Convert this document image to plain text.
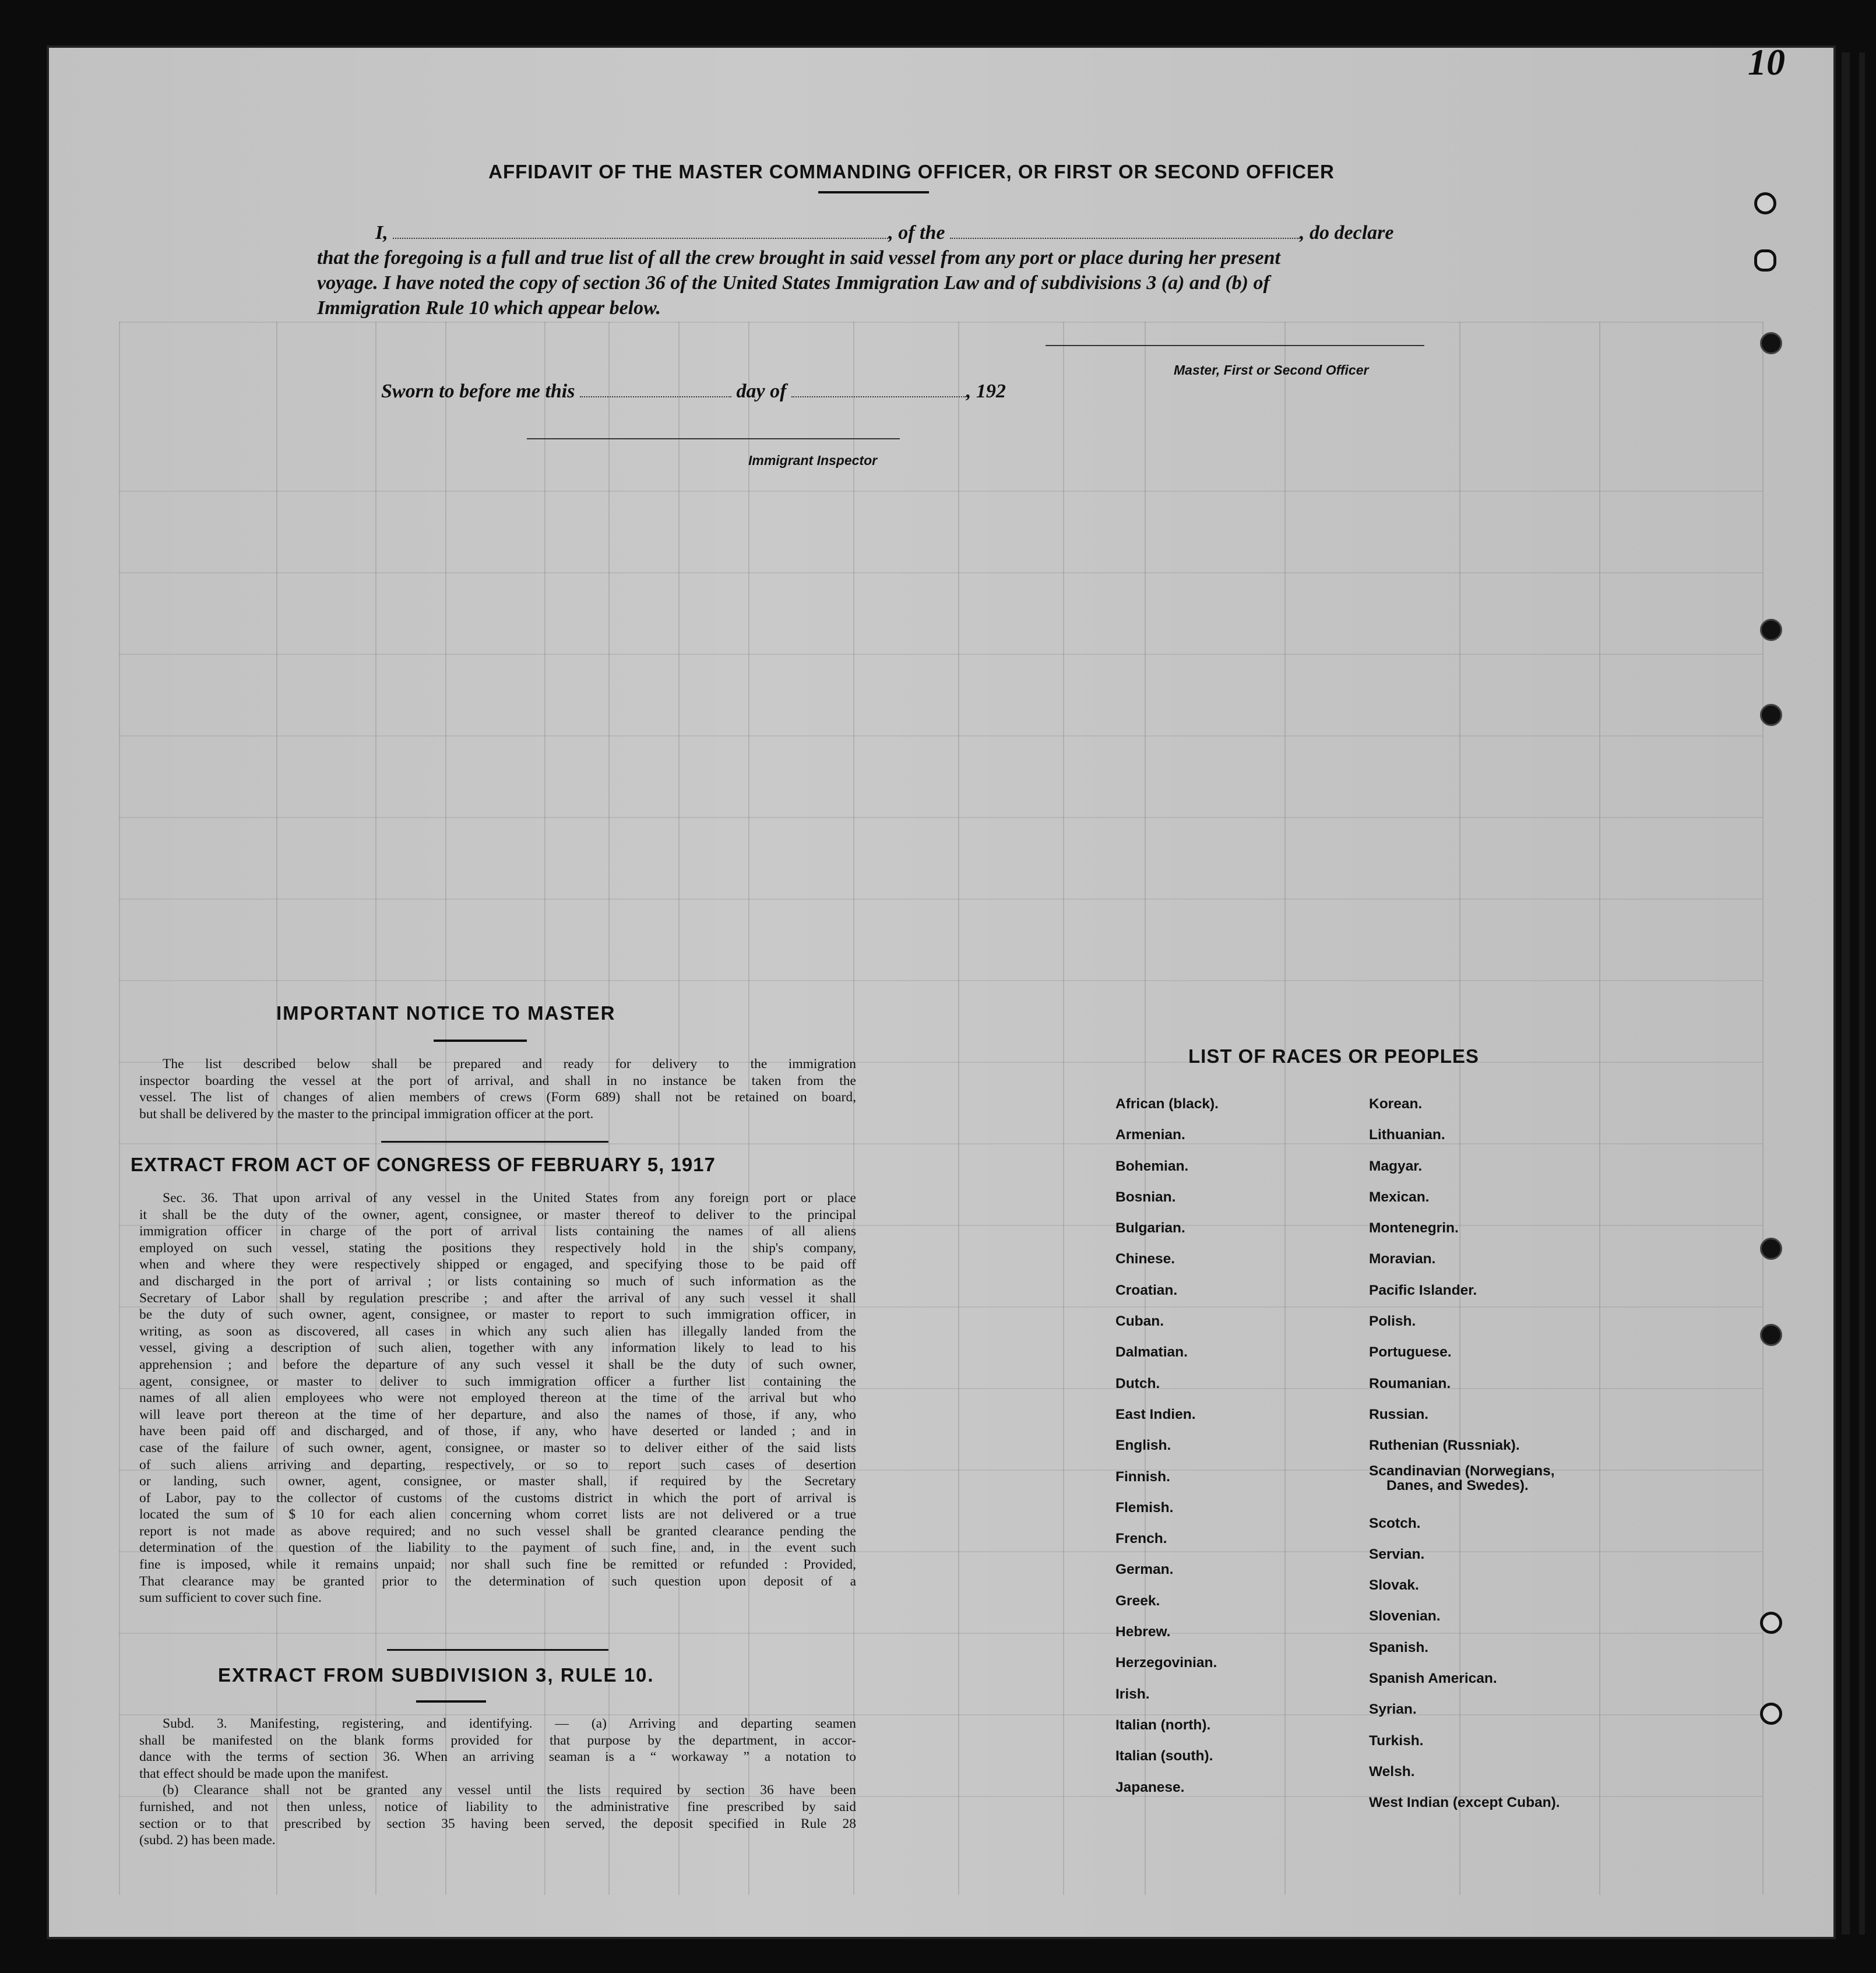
10
AFFIDAVIT OF THE MASTER COMMANDING OFFICER, OR FIRST OR SECOND OFFICER
I,	, of the	, do declare
that the foregoing is a full and true list of all the crew brought in said vessel from any port or place during her present
voyage. I have noted the copy of section 36 of the United States Immigration Law and of subdivisions 3 (a) and (b) of
Immigration Rule 10 which appear below.
Master, First or Second Officer
Sworn to before me this	day of	, 192
Immigrant Inspector
IMPORTANT NOTICE TO MASTER
The list described below shall be prepared and ready for delivery to the immigration
inspector boarding the vessel at the port of arrival, and shall in no instance be taken from the
vessel. The list of changes of alien members of crews (Form 689) shall not be retained on board,
but shall be delivered by the master to the principal immigration officer at the port.
EXTRACT FROM ACT OF CONGRESS OF FEBRUARY 5, 1917
Sec. 36. That upon arrival of any vessel in the United States from any foreign port or place
it shall be the duty of the owner, agent, consignee, or master thereof to deliver to the principal
immigration officer in charge of the port of arrival lists containing the names of all aliens
employed on such vessel, stating the positions they respectively hold in the ship's company,
when and where they were respectively shipped or engaged, and specifying those to be paid off
and discharged in the port of arrival ; or lists containing so much of such information as the
Secretary of Labor shall by regulation prescribe ; and after the arrival of any such vessel it shall
be the duty of such owner, agent, consignee, or master to report to such immigration officer, in
writing, as soon as discovered, all cases in which any such alien has illegally landed from the
vessel, giving a description of such alien, together with any information likely to lead to his
apprehension ; and before the departure of any such vessel it shall be the duty of such owner,
agent, consignee, or master to deliver to such immigration officer a further list containing the
names of all alien employees who were not employed thereon at the time of the arrival but who
will leave port thereon at the time of her departure, and also the names of those, if any, who
have been paid off and discharged, and of those, if any, who have deserted or landed ; and in
case of the failure of such owner, agent, consignee, or master so to deliver either of the said lists
of such aliens arriving and departing, respectively, or so to report such cases of desertion
or landing, such owner, agent, consignee, or master shall, if required by the Secretary
of Labor, pay to the collector of customs of the customs district in which the port of arrival is
located the sum of $ 10 for each alien concerning whom corret lists are not delivered or a true
report is not made as above required; and no such vessel shall be granted clearance pending the
determination of the question of the liability to the payment of such fine, and, in the event such
fine is imposed, while it remains unpaid; nor shall such fine be remitted or refunded : Provided,
That clearance may be granted prior to the determination of such question upon deposit of a
sum sufficient to cover such fine.
EXTRACT FROM SUBDIVISION 3, RULE 10.
Subd. 3. Manifesting, registering, and identifying. — (a) Arriving and departing seamen
shall be manifested on the blank forms provided for that purpose by the department, in accor-
dance with the terms of section 36. When an arriving seaman is a “ workaway ” a notation to
that effect should be made upon the manifest.
(b) Clearance shall not be granted any vessel until the lists required by section 36 have been
furnished, and not then unless, notice of liability to the administrative fine prescribed by said
section or to that prescribed by section 35 having been served, the deposit specified in Rule 28
(subd. 2) has been made.
LIST OF RACES OR PEOPLES
African (black).
Armenian.
Bohemian.
Bosnian.
Bulgarian.
Chinese.
Croatian.
Cuban.
Dalmatian.
Dutch.
East Indien.
English.
Finnish.
Flemish.
French.
German.
Greek.
Hebrew.
Herzegovinian.
Irish.
Italian (north).
Italian (south).
Japanese.
Korean.
Lithuanian.
Magyar.
Mexican.
Montenegrin.
Moravian.
Pacific Islander.
Polish.
Portuguese.
Roumanian.
Russian.
Ruthenian (Russniak).
Scandinavian (Norwegians,
Danes, and Swedes).
Scotch.
Servian.
Slovak.
Slovenian.
Spanish.
Spanish American.
Syrian.
Turkish.
Welsh.
West Indian (except Cuban).
